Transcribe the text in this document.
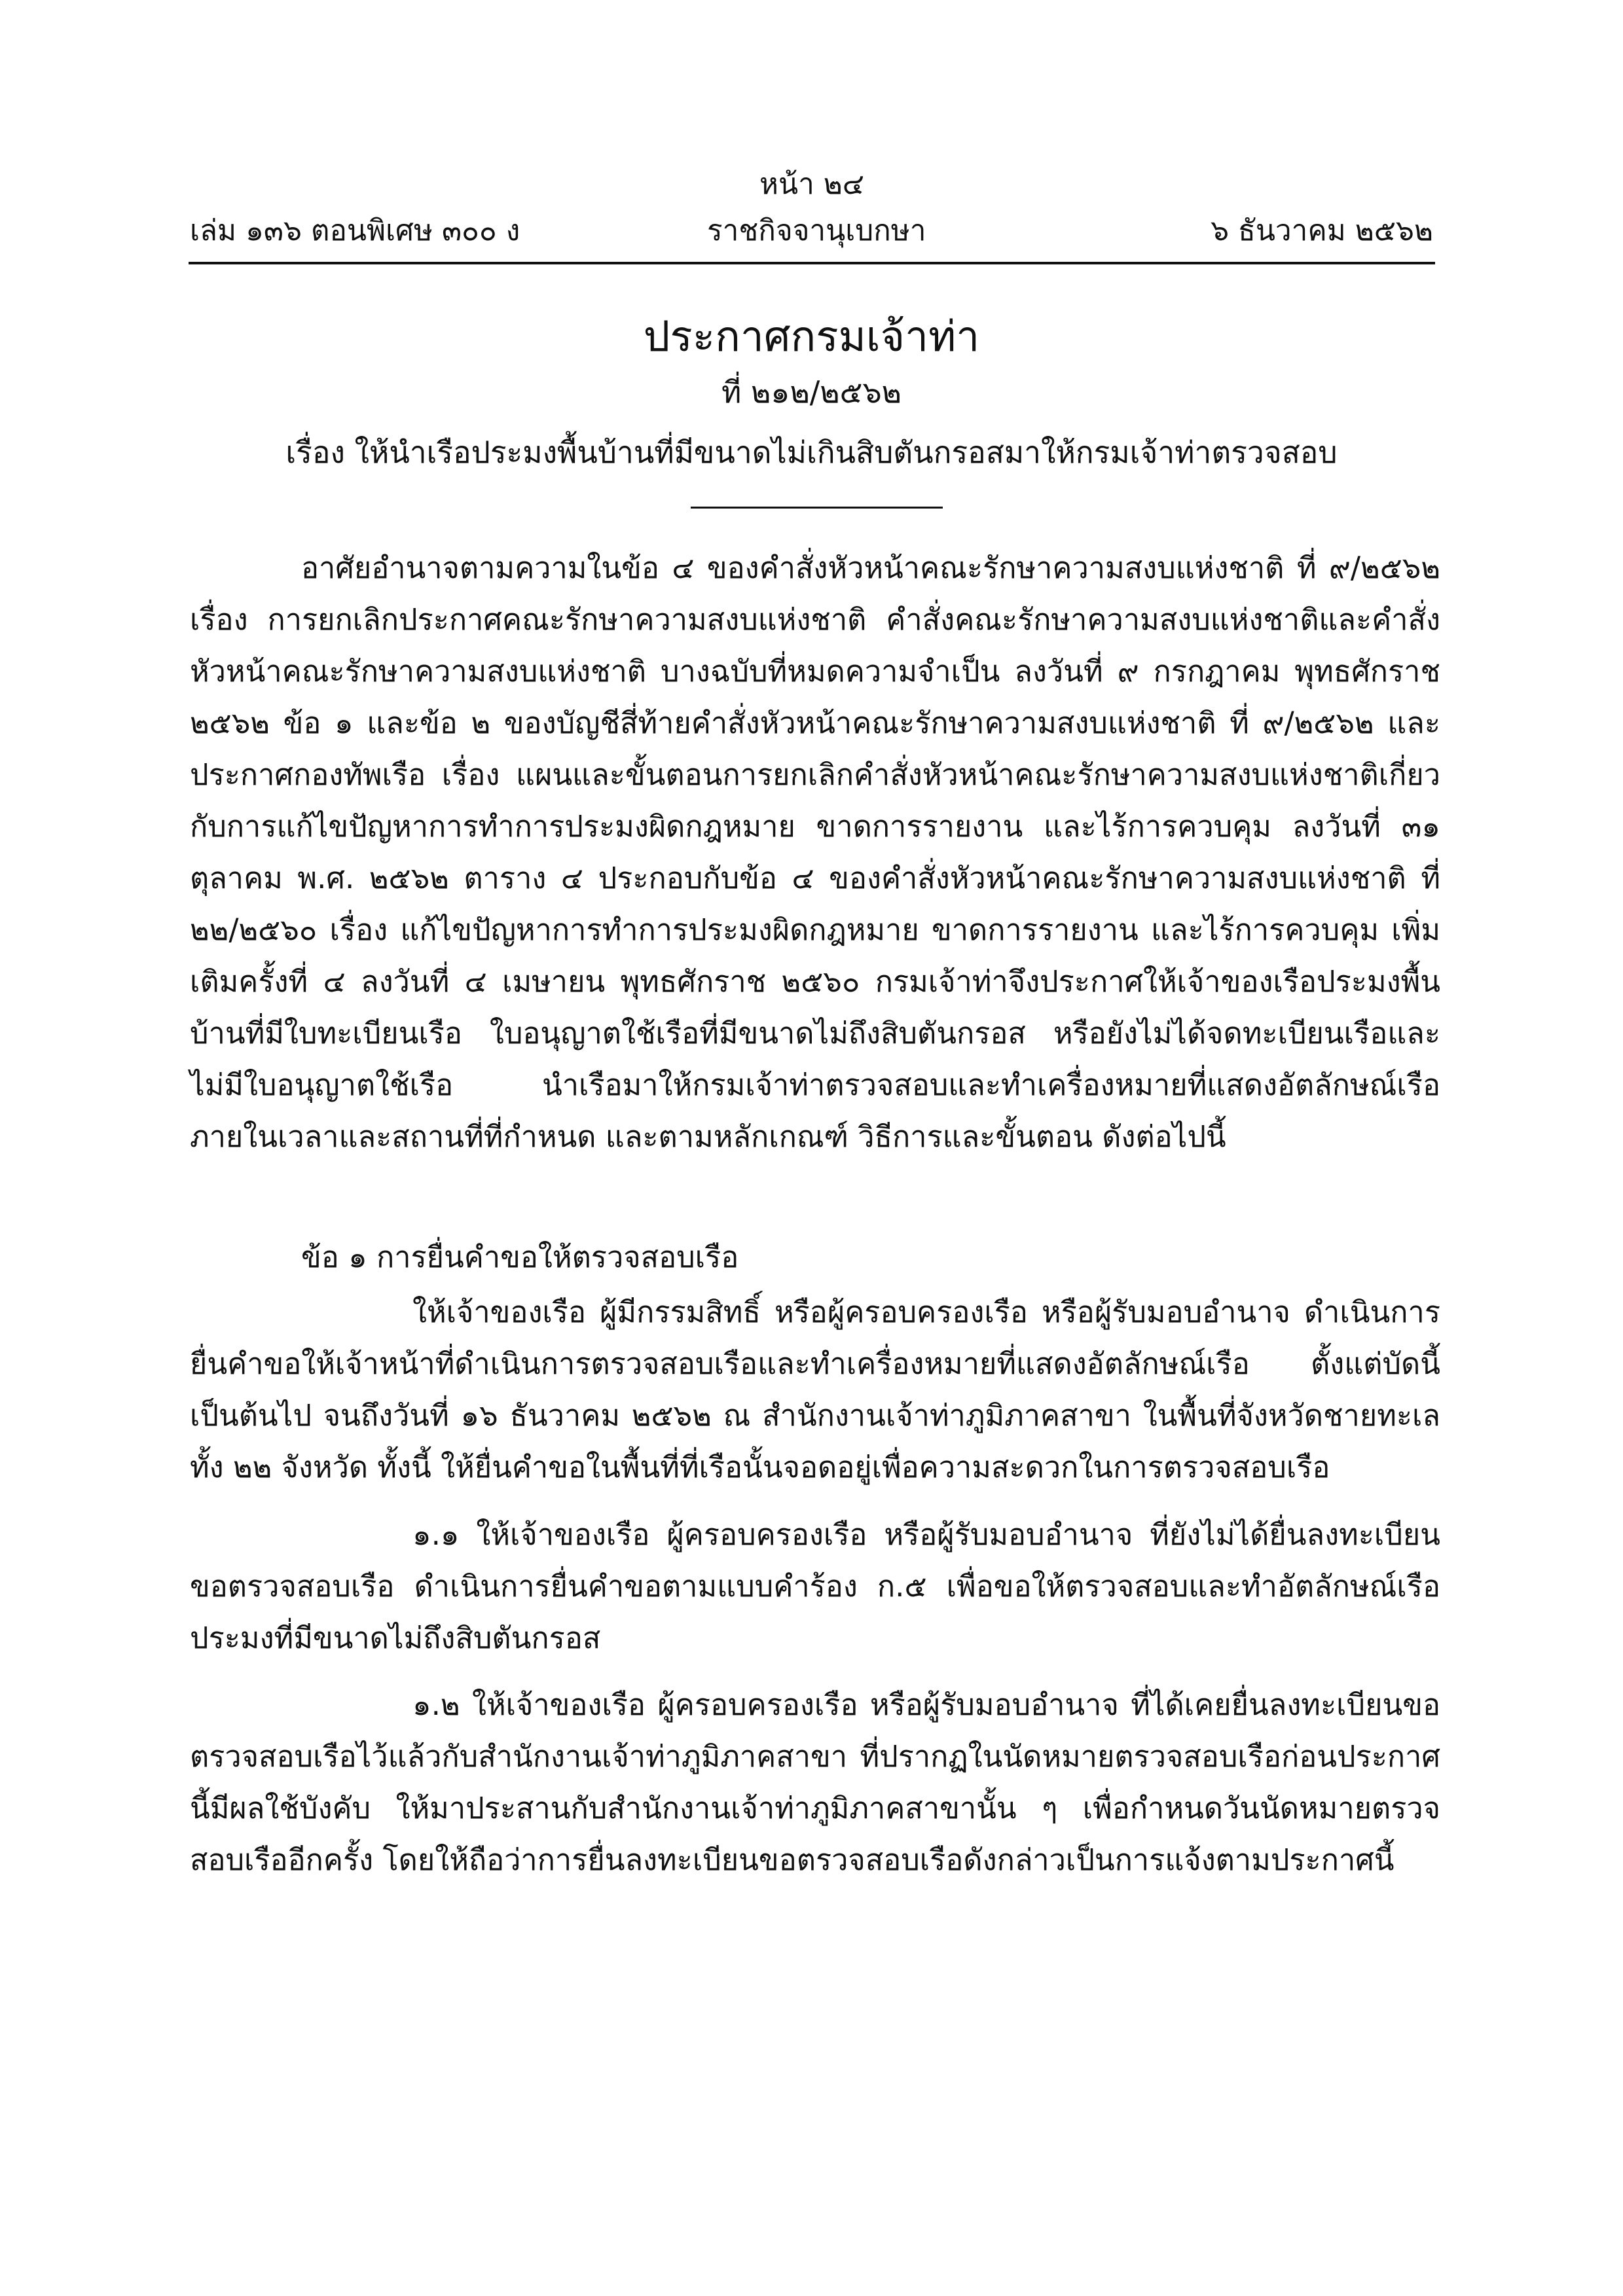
หน้า ๒๔
เล่ม ๑๓๖ ตอนพิเศษ ๓๐๐ ง	ราชกิจจานุเบกษา	๖ ธันวาคม ๒๕๖๒
ประกาศกรมเจ้าท่า
ที่ ๒๑๒/๒๕๖๒
เรื่อง ให้นำเรือประมงพื้นบ้านที่มีขนาดไม่เกินสิบตันกรอสมาให้กรมเจ้าท่าตรวจสอบ
อาศัยอำนาจตามความในข้อ ๔ ของคำสั่งหัวหน้าคณะรักษาความสงบแห่งชาติ ที่ ๙/๒๕๖๒ เรื่อง การยกเลิกประกาศคณะรักษาความสงบแห่งชาติ คำสั่งคณะรักษาความสงบแห่งชาติและคำสั่งหัวหน้าคณะรักษาความสงบแห่งชาติ บางฉบับที่หมดความจำเป็น ลงวันที่ ๙ กรกฎาคม พุทธศักราช ๒๕๖๒ ข้อ ๑ และข้อ ๒ ของบัญชีสี่ท้ายคำสั่งหัวหน้าคณะรักษาความสงบแห่งชาติ ที่ ๙/๒๕๖๒ และประกาศกองทัพเรือ เรื่อง แผนและขั้นตอนการยกเลิกคำสั่งหัวหน้าคณะรักษาความสงบแห่งชาติเกี่ยวกับการแก้ไขปัญหาการทำการประมงผิดกฎหมาย ขาดการรายงาน และไร้การควบคุม ลงวันที่ ๓๑ ตุลาคม พ.ศ. ๒๕๖๒ ตาราง ๔ ประกอบกับข้อ ๔ ของคำสั่งหัวหน้าคณะรักษาความสงบแห่งชาติ ที่ ๒๒/๒๕๖๐ เรื่อง แก้ไขปัญหาการทำการประมงผิดกฎหมาย ขาดการรายงาน และไร้การควบคุม เพิ่มเติมครั้งที่ ๔ ลงวันที่ ๔ เมษายน พุทธศักราช ๒๕๖๐ กรมเจ้าท่าจึงประกาศให้เจ้าของเรือประมงพื้นบ้านที่มีใบทะเบียนเรือ ใบอนุญาตใช้เรือที่มีขนาดไม่ถึงสิบตันกรอส หรือยังไม่ได้จดทะเบียนเรือและไม่มีใบอนุญาตใช้เรือ นำเรือมาให้กรมเจ้าท่าตรวจสอบและทำเครื่องหมายที่แสดงอัตลักษณ์เรือภายในเวลาและสถานที่ที่กำหนด และตามหลักเกณฑ์ วิธีการและขั้นตอน ดังต่อไปนี้
ข้อ ๑ การยื่นคำขอให้ตรวจสอบเรือ
ให้เจ้าของเรือ ผู้มีกรรมสิทธิ์ หรือผู้ครอบครองเรือ หรือผู้รับมอบอำนาจ ดำเนินการยื่นคำขอให้เจ้าหน้าที่ดำเนินการตรวจสอบเรือและทำเครื่องหมายที่แสดงอัตลักษณ์เรือ ตั้งแต่บัดนี้เป็นต้นไป จนถึงวันที่ ๑๖ ธันวาคม ๒๕๖๒ ณ สำนักงานเจ้าท่าภูมิภาคสาขา ในพื้นที่จังหวัดชายทะเลทั้ง ๒๒ จังหวัด ทั้งนี้ ให้ยื่นคำขอในพื้นที่ที่เรือนั้นจอดอยู่เพื่อความสะดวกในการตรวจสอบเรือ
๑.๑ ให้เจ้าของเรือ ผู้ครอบครองเรือ หรือผู้รับมอบอำนาจ ที่ยังไม่ได้ยื่นลงทะเบียนขอตรวจสอบเรือ ดำเนินการยื่นคำขอตามแบบคำร้อง ก.๕ เพื่อขอให้ตรวจสอบและทำอัตลักษณ์เรือประมงที่มีขนาดไม่ถึงสิบตันกรอส
๑.๒ ให้เจ้าของเรือ ผู้ครอบครองเรือ หรือผู้รับมอบอำนาจ ที่ได้เคยยื่นลงทะเบียนขอตรวจสอบเรือไว้แล้วกับสำนักงานเจ้าท่าภูมิภาคสาขา ที่ปรากฏในนัดหมายตรวจสอบเรือก่อนประกาศนี้มีผลใช้บังคับ ให้มาประสานกับสำนักงานเจ้าท่าภูมิภาคสาขานั้น ๆ เพื่อกำหนดวันนัดหมายตรวจสอบเรืออีกครั้ง โดยให้ถือว่าการยื่นลงทะเบียนขอตรวจสอบเรือดังกล่าวเป็นการแจ้งตามประกาศนี้
